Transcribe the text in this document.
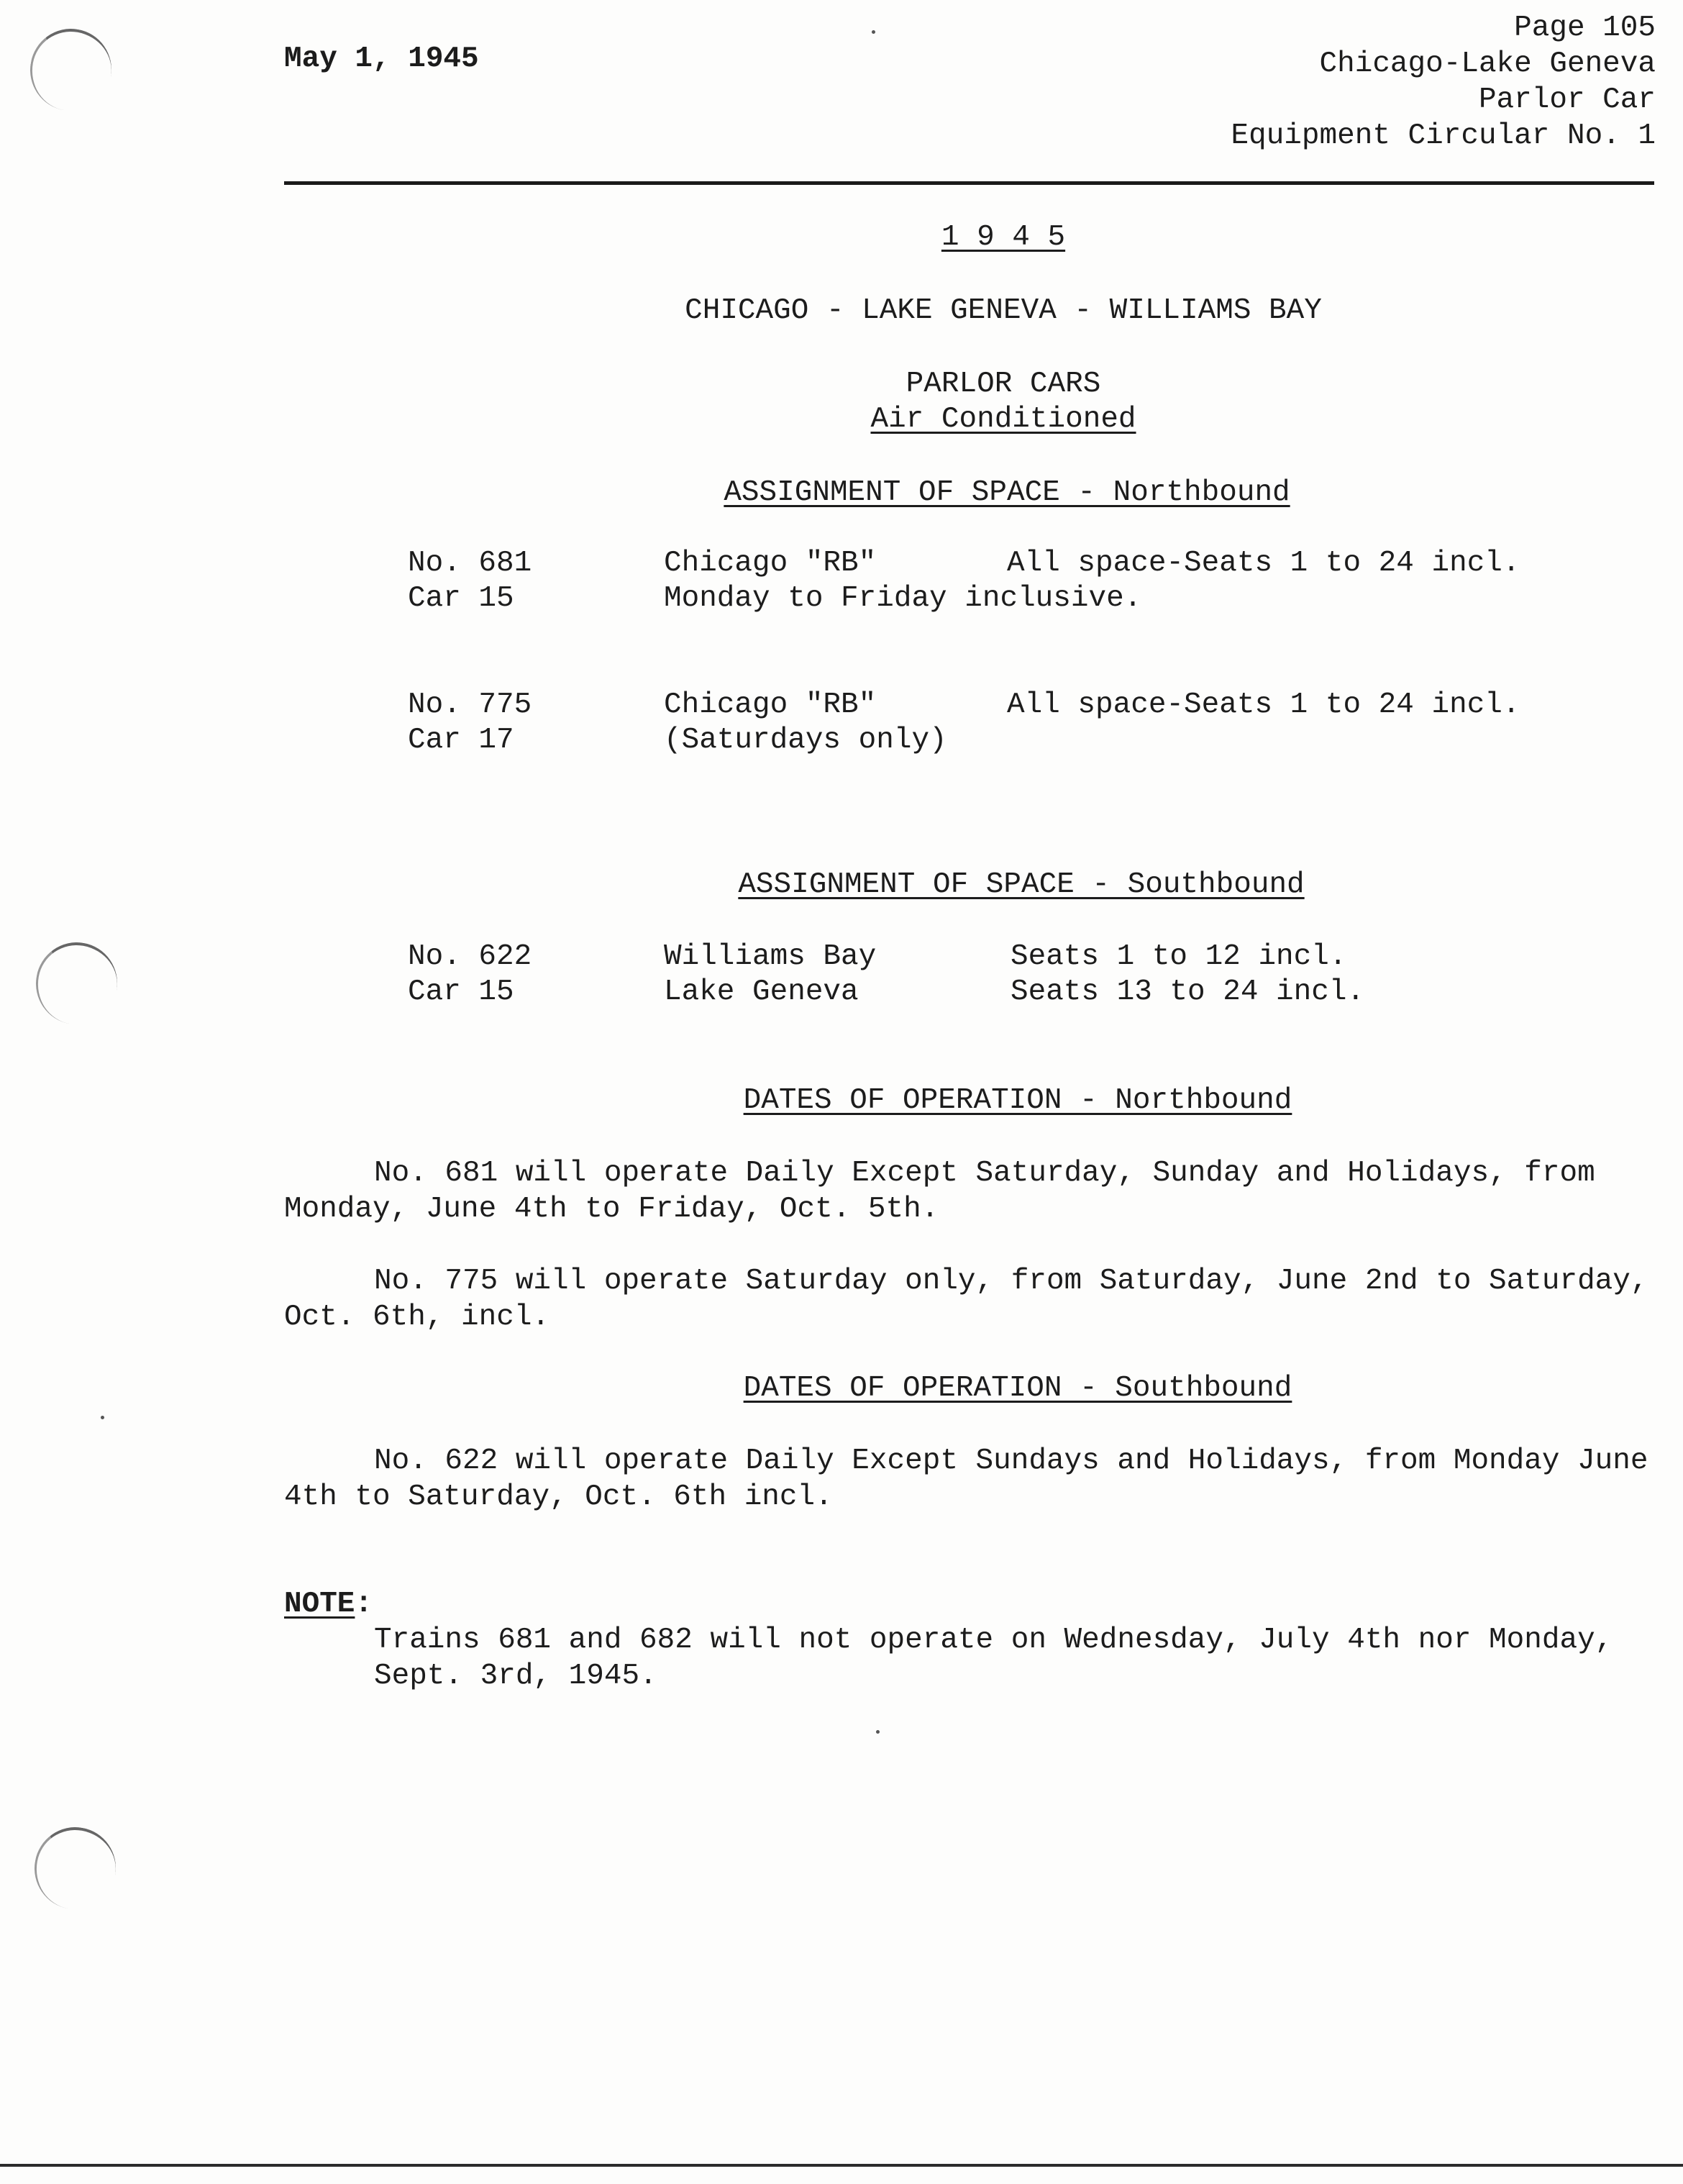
May 1, 1945
Page 105
Chicago-Lake Geneva
Parlor Car
Equipment Circular No. 1
1 9 4 5
CHICAGO - LAKE GENEVA - WILLIAMS BAY
PARLOR CARS
Air Conditioned
ASSIGNMENT OF SPACE - Northbound
No. 681
Car 15
Chicago "RB"	All space-Seats 1 to 24 incl.
Monday to Friday inclusive.
No. 775
Car 17
Chicago "RB"	All space-Seats 1 to 24 incl.
(Saturdays only)
ASSIGNMENT OF SPACE - Southbound
No. 622
Car 15
Williams Bay
Lake Geneva
Seats 1 to 12 incl.
Seats 13 to 24 incl.
DATES OF OPERATION - Northbound
No. 681 will operate Daily Except Saturday, Sunday and Holidays, from Monday, June 4th to Friday, Oct. 5th.
No. 775 will operate Saturday only, from Saturday, June 2nd to Saturday, Oct. 6th, incl.
DATES OF OPERATION - Southbound
No. 622 will operate Daily Except Sundays and Holidays, from Monday June 4th to Saturday, Oct. 6th incl.
NOTE:
Trains 681 and 682 will not operate on Wednesday, July 4th nor Monday,
Sept. 3rd, 1945.
